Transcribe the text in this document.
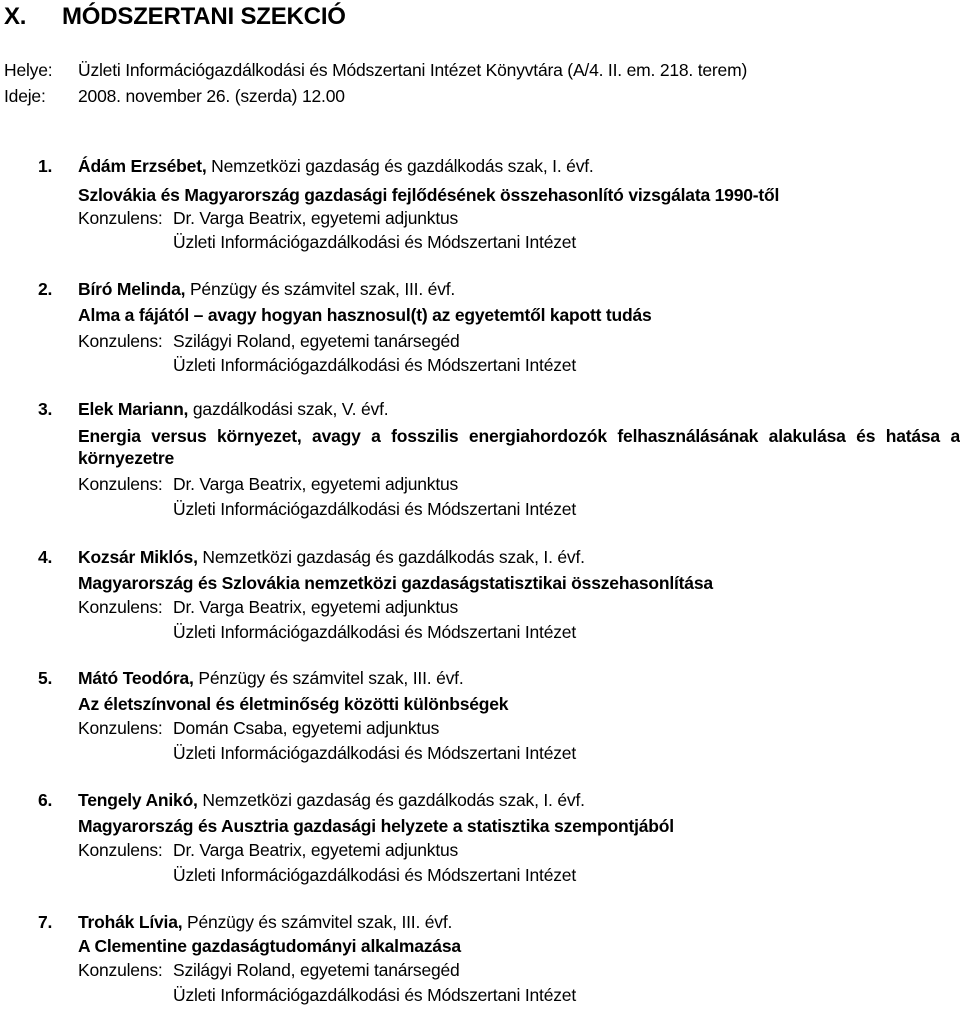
X. MÓDSZERTANI SZEKCIÓ
Helye: Üzleti Információgazdálkodási és Módszertani Intézet Könyvtára (A/4. II. em. 218. terem)
Ideje: 2008. november 26. (szerda) 12.00
1. Ádám Erzsébet, Nemzetközi gazdaság és gazdálkodás szak, I. évf.
Szlovákia és Magyarország gazdasági fejlődésének összehasonlító vizsgálata 1990-től
Konzulens: Dr. Varga Beatrix, egyetemi adjunktus
Üzleti Információgazdálkodási és Módszertani Intézet
2. Bíró Melinda, Pénzügy és számvitel szak, III. évf.
Alma a fájától – avagy hogyan hasznosul(t) az egyetemtől kapott tudás
Konzulens: Szilágyi Roland, egyetemi tanársegéd
Üzleti Információgazdálkodási és Módszertani Intézet
3. Elek Mariann, gazdálkodási szak, V. évf.
Energia versus környezet, avagy a fosszilis energiahordozók felhasználásának alakulása és hatása a
környezetre
Konzulens: Dr. Varga Beatrix, egyetemi adjunktus
Üzleti Információgazdálkodási és Módszertani Intézet
4. Kozsár Miklós, Nemzetközi gazdaság és gazdálkodás szak, I. évf.
Magyarország és Szlovákia nemzetközi gazdaságstatisztikai összehasonlítása
Konzulens: Dr. Varga Beatrix, egyetemi adjunktus
Üzleti Információgazdálkodási és Módszertani Intézet
5. Mátó Teodóra, Pénzügy és számvitel szak, III. évf.
Az életszínvonal és életminőség közötti különbségek
Konzulens: Domán Csaba, egyetemi adjunktus
Üzleti Információgazdálkodási és Módszertani Intézet
6. Tengely Anikó, Nemzetközi gazdaság és gazdálkodás szak, I. évf.
Magyarország és Ausztria gazdasági helyzete a statisztika szempontjából
Konzulens: Dr. Varga Beatrix, egyetemi adjunktus
Üzleti Információgazdálkodási és Módszertani Intézet
7. Trohák Lívia, Pénzügy és számvitel szak, III. évf.
A Clementine gazdaságtudományi alkalmazása
Konzulens: Szilágyi Roland, egyetemi tanársegéd
Üzleti Információgazdálkodási és Módszertani Intézet
